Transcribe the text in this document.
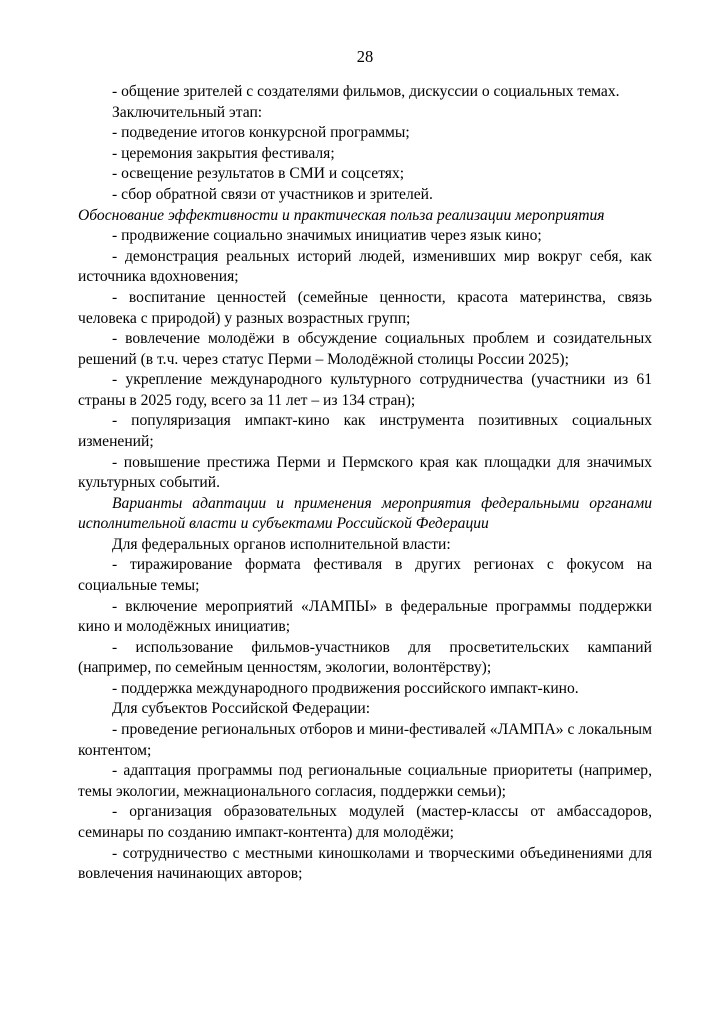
28

- общение зрителей с создателями фильмов, дискуссии о социальных темах.

Заключительный этап:

- подведение итогов конкурсной программы;

- церемония закрытия фестиваля;

- освещение результатов в СМИ и соцсетях;

- сбор обратной связи от участников и зрителей.

Обоснование эффективности и практическая польза реализации мероприятия

- продвижение социально значимых инициатив через язык кино;

- демонстрация реальных историй людей, изменивших мир вокруг себя, как источника вдохновения;

- воспитание ценностей (семейные ценности, красота материнства, связь человека с природой) у разных возрастных групп;

- вовлечение молодёжи в обсуждение социальных проблем и созидательных решений (в т.ч. через статус Перми – Молодёжной столицы России 2025);

- укрепление международного культурного сотрудничества (участники из 61 страны в 2025 году, всего за 11 лет – из 134 стран);

- популяризация импакт-кино как инструмента позитивных социальных изменений;

- повышение престижа Перми и Пермского края как площадки для значимых культурных событий.

Варианты адаптации и применения мероприятия федеральными органами исполнительной власти и субъектами Российской Федерации

Для федеральных органов исполнительной власти:

- тиражирование формата фестиваля в других регионах с фокусом на социальные темы;

- включение мероприятий «ЛАМПЫ» в федеральные программы поддержки кино и молодёжных инициатив;

- использование фильмов-участников для просветительских кампаний (например, по семейным ценностям, экологии, волонтёрству);

- поддержка международного продвижения российского импакт-кино.

Для субъектов Российской Федерации:

- проведение региональных отборов и мини-фестивалей «ЛАМПА» с локальным контентом;

- адаптация программы под региональные социальные приоритеты (например, темы экологии, межнационального согласия, поддержки семьи);

- организация образовательных модулей (мастер-классы от амбассадоров, семинары по созданию импакт-контента) для молодёжи;

- сотрудничество с местными киношколами и творческими объединениями для вовлечения начинающих авторов;
